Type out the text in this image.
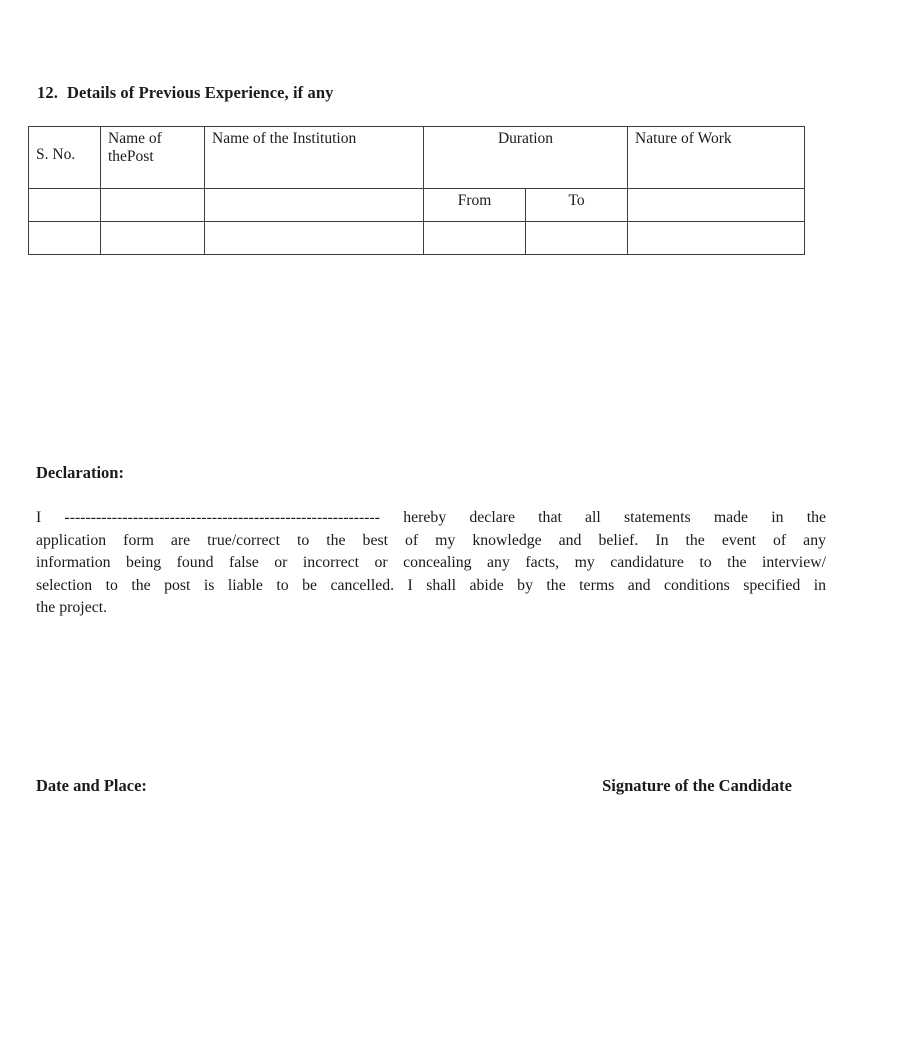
12. Details of Previous Experience, if any
S. No.	Name of thePost	Name of the Institution	Duration		Nature of Work
			From	To	

Declaration:
I ------------------------------------------------------------ hereby declare that all statements made in the
application form are true/correct to the best of my knowledge and belief. In the event of any
information being found false or incorrect or concealing any facts, my candidature to the interview/
selection to the post is liable to be cancelled. I shall abide by the terms and conditions specified in
the project.
Date and Place:	Signature of the Candidate
